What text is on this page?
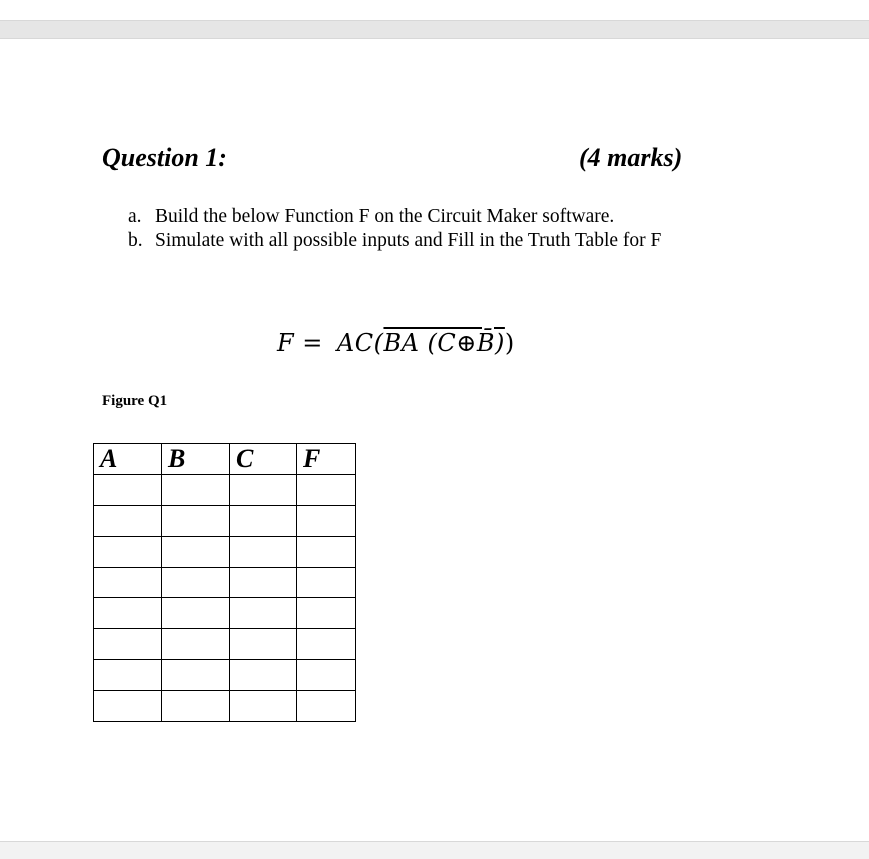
Question 1:	(4 marks)
a. Build the below Function F on the Circuit Maker software.
b. Simulate with all possible inputs and Fill in the Truth Table for F
F = AC(BA (C⊕B̄))
Figure Q1
A	B	C	F
